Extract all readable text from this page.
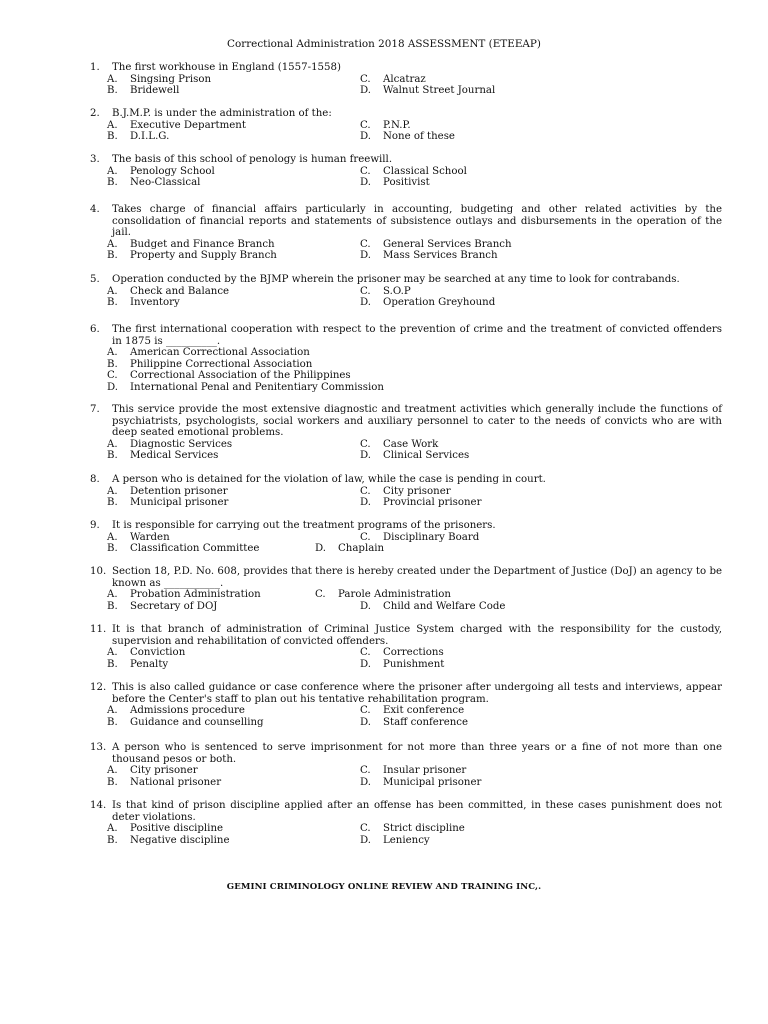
Correctional Administration 2018 ASSESSMENT (ETEEAP)
1.	The first workhouse in England (1557-1558)
A. Singsing Prison	C. Alcatraz
B. Bridewell	D. Walnut Street Journal
2.	B.J.M.P. is under the administration of the:
A. Executive Department	C. P.N.P.
B. D.I.L.G.	D. None of these
3.	The basis of this school of penology is human freewill.
A. Penology School	C. Classical School
B. Neo-Classical	D. Positivist
4.	Takes charge of financial affairs particularly in accounting, budgeting and other related activities by the consolidation of financial reports and statements of subsistence outlays and disbursements in the operation of the jail.
A. Budget and Finance Branch	C. General Services Branch
B. Property and Supply Branch	D. Mass Services Branch
5.	Operation conducted by the BJMP wherein the prisoner may be searched at any time to look for contrabands.
A. Check and Balance	C. S.O.P
B. Inventory	D. Operation Greyhound
6.	The first international cooperation with respect to the prevention of crime and the treatment of convicted offenders in 1875 is __________.
A. American Correctional Association
B. Philippine Correctional Association
C. Correctional Association of the Philippines
D. International Penal and Penitentiary Commission
7.	This service provide the most extensive diagnostic and treatment activities which generally include the functions of psychiatrists, psychologists, social workers and auxiliary personnel to cater to the needs of convicts who are with deep seated emotional problems.
A. Diagnostic Services	C. Case Work
B. Medical Services	D. Clinical Services
8.	A person who is detained for the violation of law, while the case is pending in court.
A. Detention prisoner	C. City prisoner
B. Municipal prisoner	D. Provincial prisoner
9.	It is responsible for carrying out the treatment programs of the prisoners.
A. Warden	C. Disciplinary Board
B. Classification Committee	D. Chaplain
10. Section 18, P.D. No. 608, provides that there is hereby created under the Department of Justice (DoJ) an agency to be known as ___________.
A. Probation Administration	C. Parole Administration
B. Secretary of DOJ	D. Child and Welfare Code
11. It is that branch of administration of Criminal Justice System charged with the responsibility for the custody, supervision and rehabilitation of convicted offenders.
A. Conviction	C. Corrections
B. Penalty	D. Punishment
12. This is also called guidance or case conference where the prisoner after undergoing all tests and interviews, appear before the Center's staff to plan out his tentative rehabilitation program.
A. Admissions procedure	C. Exit conference
B. Guidance and counselling	D. Staff conference
13. A person who is sentenced to serve imprisonment for not more than three years or a fine of not more than one thousand pesos or both.
A. City prisoner	C. Insular prisoner
B. National prisoner	D. Municipal prisoner
14. Is that kind of prison discipline applied after an offense has been committed, in these cases punishment does not deter violations.
A. Positive discipline	C. Strict discipline
B. Negative discipline	D. Leniency
GEMINI CRIMINOLOGY ONLINE REVIEW AND TRAINING INC,.
